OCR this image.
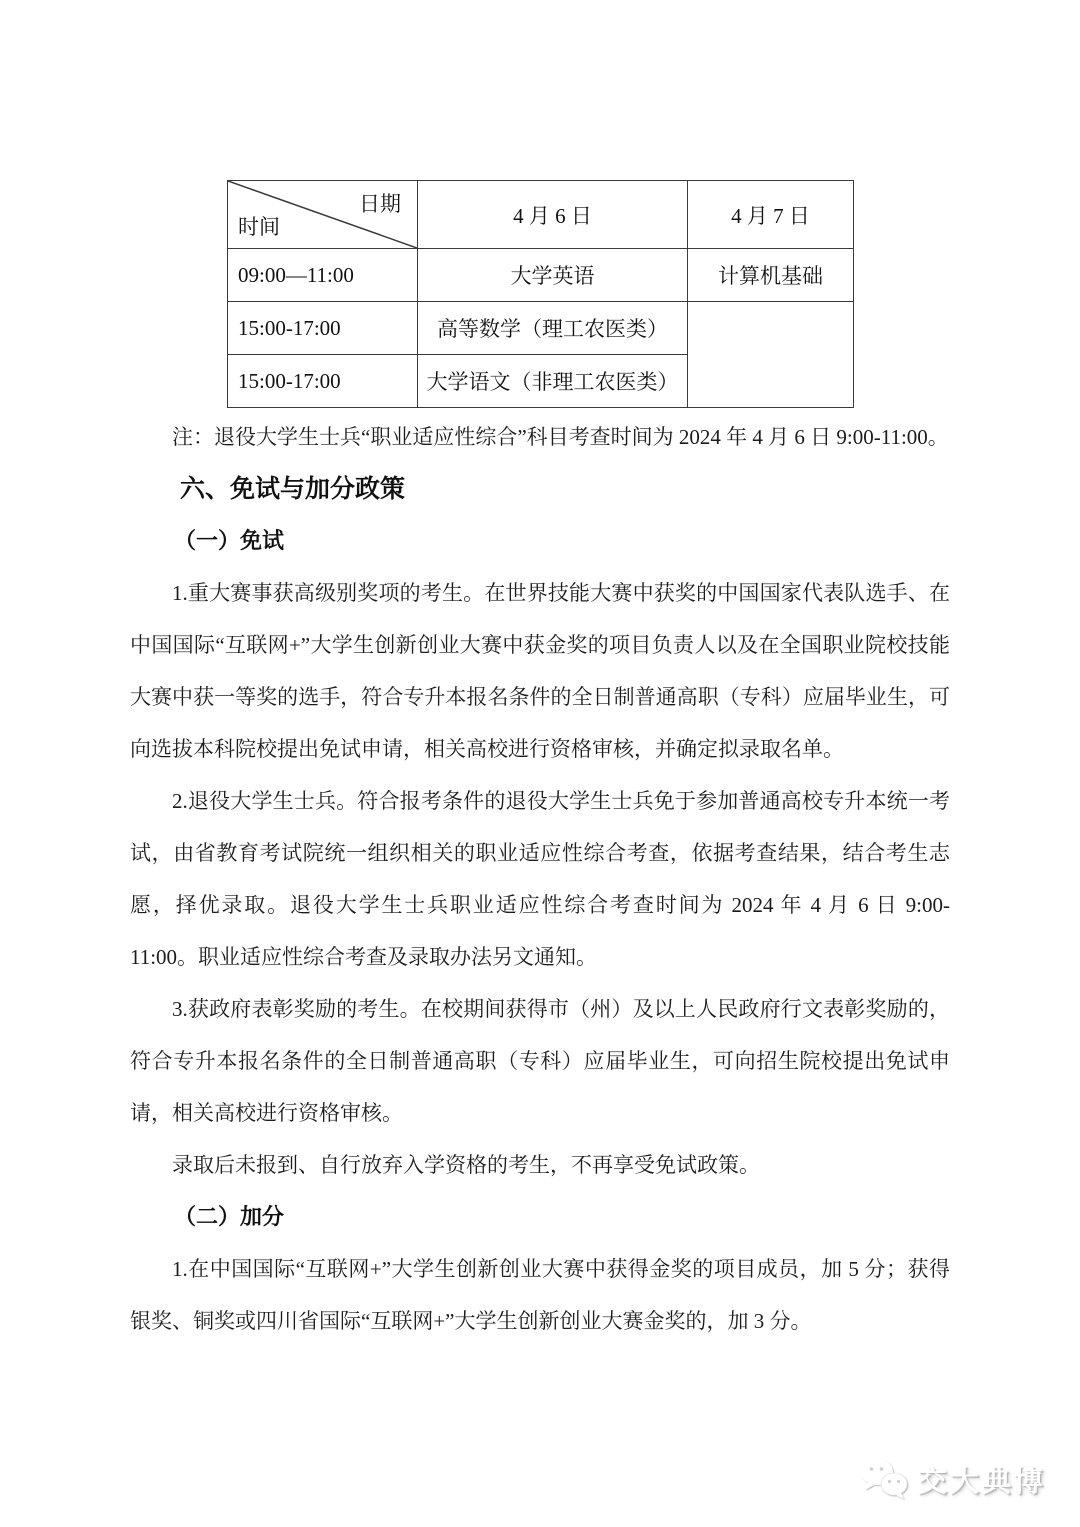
日期
时间	4 月 6 日	4 月 7 日
09:00—11:00	大学英语	计算机基础
15:00-17:00	高等数学（理工农医类）	
15:00-17:00	大学语文（非理工农医类）	

注：退役大学生士兵“职业适应性综合”科目考查时间为 2024 年 4 月 6 日 9:00-11:00。

六、免试与加分政策
（一）免试

1.重大赛事获高级别奖项的考生。在世界技能大赛中获奖的中国国家代表队选手、在中国国际“互联网+”大学生创新创业大赛中获金奖的项目负责人以及在全国职业院校技能大赛中获一等奖的选手，符合专升本报名条件的全日制普通高职（专科）应届毕业生，可向选拔本科院校提出免试申请，相关高校进行资格审核，并确定拟录取名单。

2.退役大学生士兵。符合报考条件的退役大学生士兵免于参加普通高校专升本统一考试，由省教育考试院统一组织相关的职业适应性综合考查，依据考查结果，结合考生志愿，择优录取。退役大学生士兵职业适应性综合考查时间为 2024 年 4 月 6 日 9:00-11:00。职业适应性综合考查及录取办法另文通知。

3.获政府表彰奖励的考生。在校期间获得市（州）及以上人民政府行文表彰奖励的，符合专升本报名条件的全日制普通高职（专科）应届毕业生，可向招生院校提出免试申请，相关高校进行资格审核。

录取后未报到、自行放弃入学资格的考生，不再享受免试政策。

（二）加分

1.在中国国际“互联网+”大学生创新创业大赛中获得金奖的项目成员，加 5 分；获得银奖、铜奖或四川省国际“互联网+”大学生创新创业大赛金奖的，加 3 分。

交大典博
